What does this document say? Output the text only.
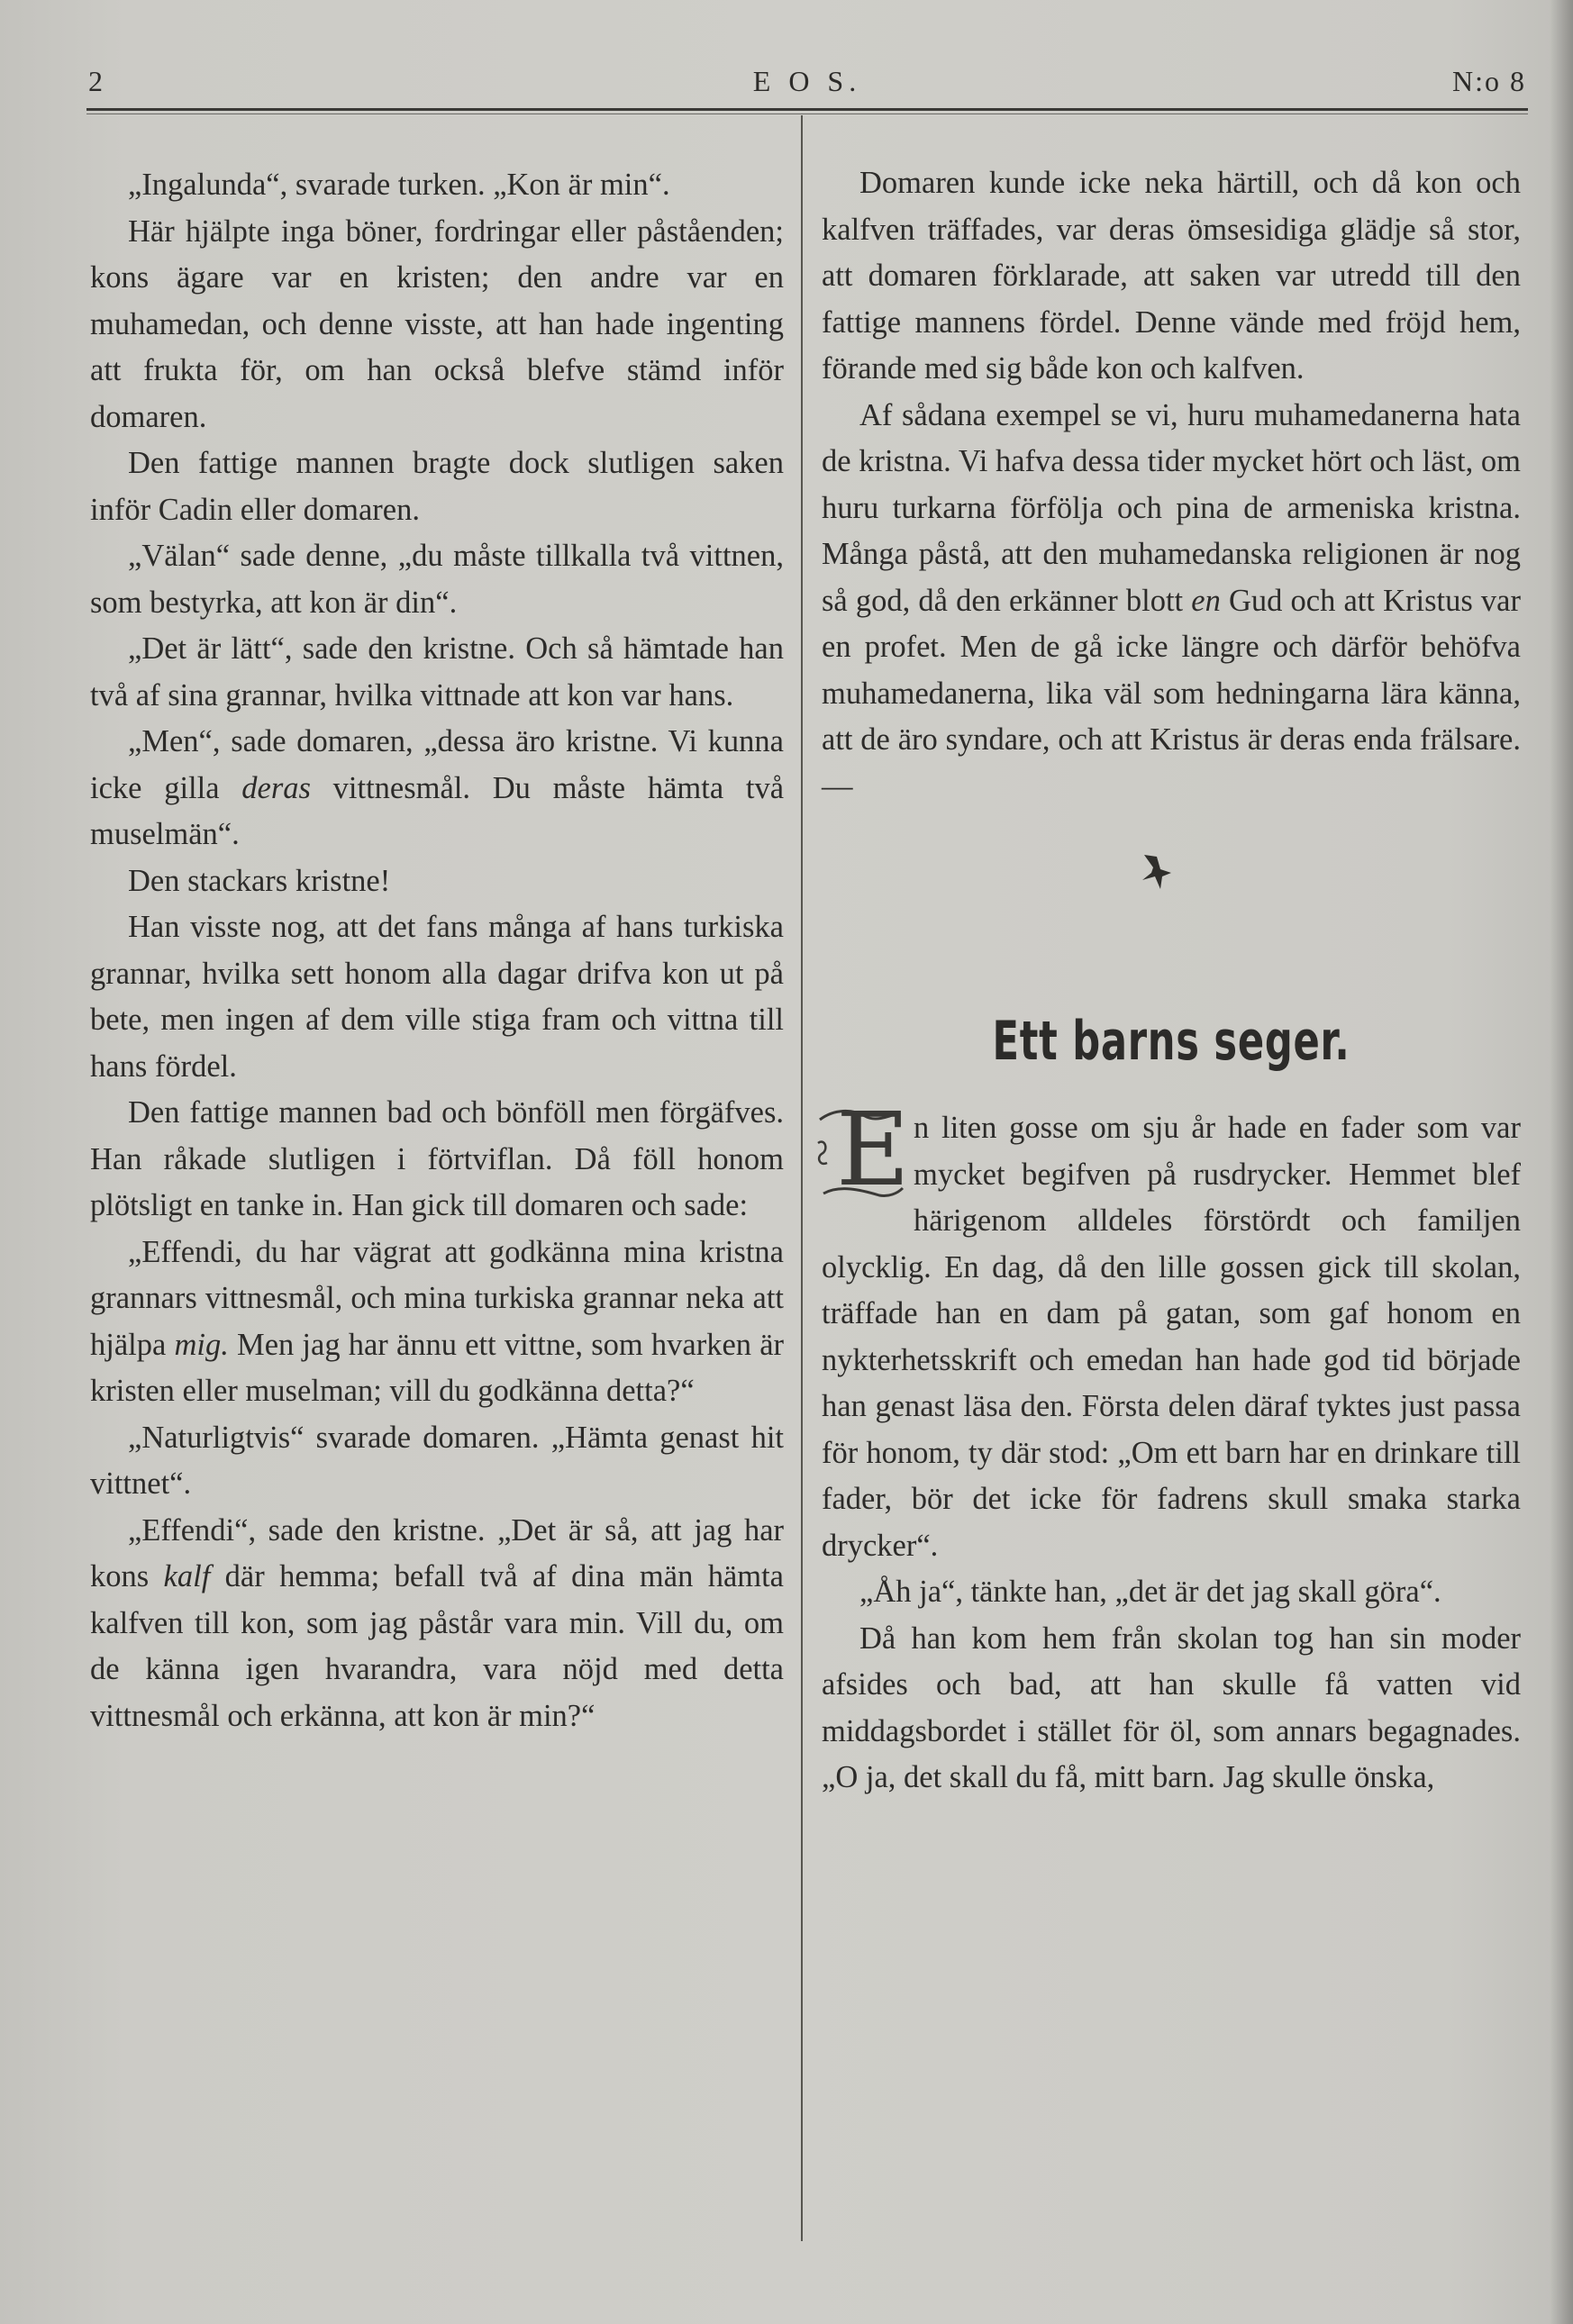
2	E O S.	N:o 8

„Ingalunda“, svarade turken. „Kon är min“.

Här hjälpte inga böner, fordringar eller påståenden; kons ägare var en kristen; den andre var en muhamedan, och denne visste, att han hade ingenting att frukta för, om han också blefve stämd inför domaren.

Den fattige mannen bragte dock slutligen saken inför Cadin eller domaren.

„Välan“ sade denne, „du måste tillkalla två vittnen, som bestyrka, att kon är din“.

„Det är lätt“, sade den kristne. Och så hämtade han två af sina grannar, hvilka vittnade att kon var hans.

„Men“, sade domaren, „dessa äro kristne. Vi kunna icke gilla deras vittnesmål. Du måste hämta två muselmän“.

Den stackars kristne!

Han visste nog, att det fans många af hans turkiska grannar, hvilka sett honom alla dagar drifva kon ut på bete, men ingen af dem ville stiga fram och vittna till hans fördel.

Den fattige mannen bad och bönföll men förgäfves. Han råkade slutligen i förtviflan. Då föll honom plötsligt en tanke in. Han gick till domaren och sade:

„Effendi, du har vägrat att godkänna mina kristna grannars vittnesmål, och mina turkiska grannar neka att hjälpa mig. Men jag har ännu ett vittne, som hvarken är kristen eller muselman; vill du godkänna detta?“

„Naturligtvis“ svarade domaren. „Hämta genast hit vittnet“.

„Effendi“, sade den kristne. „Det är så, att jag har kons kalf där hemma; befall två af dina män hämta kalfven till kon, som jag påstår vara min. Vill du, om de känna igen hvarandra, vara nöjd med detta vittnesmål och erkänna, att kon är min?“

Domaren kunde icke neka härtill, och då kon och kalfven träffades, var deras ömsesidiga glädje så stor, att domaren förklarade, att saken var utredd till den fattige mannens fördel. Denne vände med fröjd hem, förande med sig både kon och kalfven.

Af sådana exempel se vi, huru muhamedanerna hata de kristna. Vi hafva dessa tider mycket hört och läst, om huru turkarna förfölja och pina de armeniska kristna. Många påstå, att den muhamedanska religionen är nog så god, då den erkänner blott en Gud och att Kristus var en profet. Men de gå icke längre och därför behöfva muhamedanerna, lika väl som hedningarna lära känna, att de äro syndare, och att Kristus är deras enda frälsare. —

Ett barns seger.

E n liten gosse om sju år hade en fader som var mycket begifven på rusdrycker. Hemmet blef härigenom alldeles förstördt och familjen olycklig. En dag, då den lille gossen gick till skolan, träffade han en dam på gatan, som gaf honom en nykterhetsskrift och emedan han hade god tid började han genast läsa den. Första delen däraf tyktes just passa för honom, ty där stod: „Om ett barn har en drinkare till fader, bör det icke för fadrens skull smaka starka drycker“.

„Åh ja“, tänkte han, „det är det jag skall göra“.

Då han kom hem från skolan tog han sin moder afsides och bad, att han skulle få vatten vid middagsbordet i stället för öl, som annars begagnades. „O ja, det skall du få, mitt barn. Jag skulle önska,
